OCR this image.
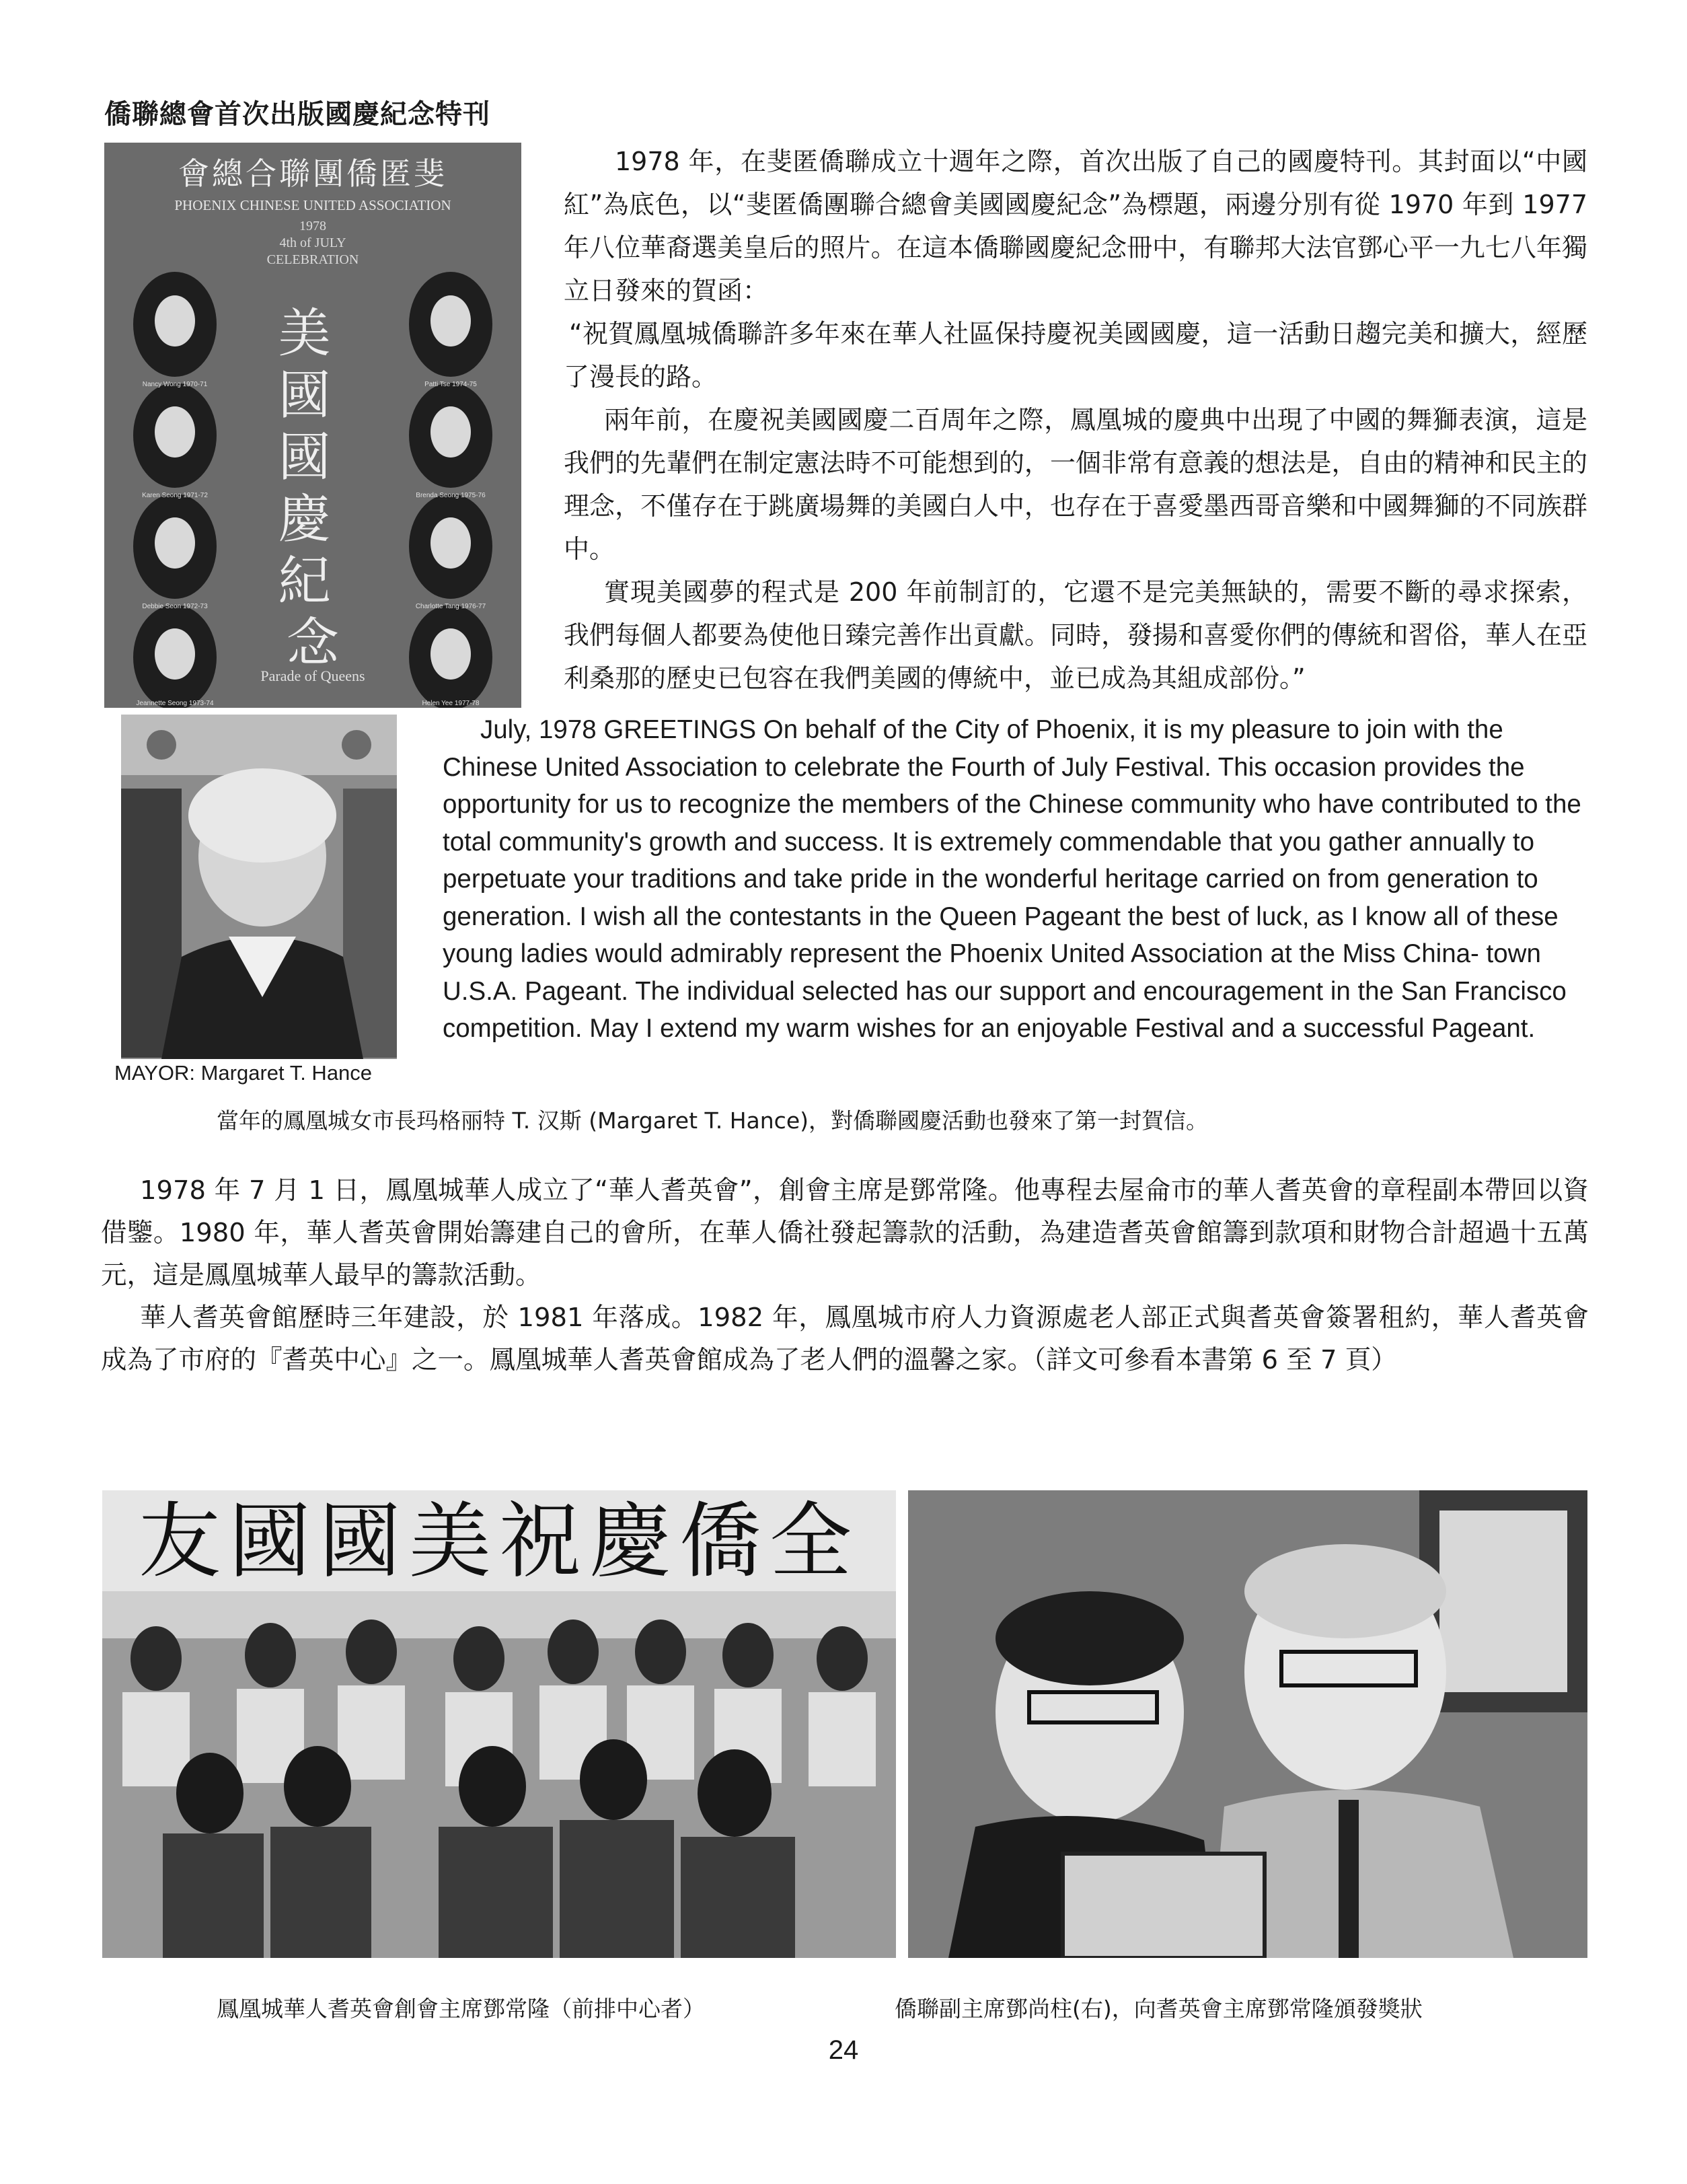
僑聯總會首次出版國慶紀念特刊
會總合聯團僑匿斐
PHOENIX CHINESE UNITED ASSOCIATION
1978
4th of JULY
CELEBRATION
美 國 國 慶 紀 念
Parade of Queens
Nancy Wong 1970-71
Karen Seong 1971-72
Debbie Seon 1972-73
Jeannette Seong 1973-74
Patti Tse 1974-75
Brenda Seong 1975-76
Charlotte Tang 1976-77
Helen Yee 1977-78
1978 年，在斐匿僑聯成立十週年之際，首次出版了自己的國慶特刊。其封面以“中國紅”為底色，以“斐匿僑團聯合總會美國國慶紀念”為標題，兩邊分別有從 1970 年到 1977 年八位華裔選美皇后的照片。在這本僑聯國慶紀念冊中，有聯邦大法官鄧心平一九七八年獨立日發來的賀函：
“祝賀鳳凰城僑聯許多年來在華人社區保持慶祝美國國慶，這一活動日趨完美和擴大，經歷了漫長的路。
兩年前，在慶祝美國國慶二百周年之際，鳳凰城的慶典中出現了中國的舞獅表演，這是我們的先輩們在制定憲法時不可能想到的，一個非常有意義的想法是，自由的精神和民主的理念，不僅存在于跳廣場舞的美國白人中，也存在于喜愛墨西哥音樂和中國舞獅的不同族群中。
實現美國夢的程式是 200 年前制訂的，它還不是完美無缺的，需要不斷的尋求探索，我們每個人都要為使他日臻完善作出貢獻。同時，發揚和喜愛你們的傳統和習俗，華人在亞利桑那的歷史已包容在我們美國的傳統中，並已成為其組成部份。”
MAYOR: Margaret T. Hance
July, 1978 GREETINGS On behalf of the City of Phoenix, it is my pleasure to join with the Chinese United Association to celebrate the Fourth of July Festival. This occasion provides the opportunity for us to recognize the members of the Chinese community who have contributed to the total community's growth and success. It is extremely commendable that you gather annually to perpetuate your traditions and take pride in the wonderful heritage carried on from generation to generation. I wish all the contestants in the Queen Pageant the best of luck, as I know all of these young ladies would admirably represent the Phoenix United Association at the Miss China- town U.S.A. Pageant. The individual selected has our support and encouragement in the San Francisco competition. May I extend my warm wishes for an enjoyable Festival and a successful Pageant.
當年的鳳凰城女市長玛格丽特 T. 汉斯 (Margaret T. Hance)，對僑聯國慶活動也發來了第一封賀信。
1978 年 7 月 1 日，鳳凰城華人成立了“華人耆英會”，創會主席是鄧常隆。他專程去屋侖市的華人耆英會的章程副本帶回以資借鑒。1980 年，華人耆英會開始籌建自己的會所，在華人僑社發起籌款的活動，為建造耆英會館籌到款項和財物合計超過十五萬元，這是鳳凰城華人最早的籌款活動。
華人耆英會館歷時三年建設，於 1981 年落成。1982 年，鳳凰城市府人力資源處老人部正式與耆英會簽署租約，華人耆英會成為了市府的『耆英中心』之一。鳳凰城華人耆英會館成為了老人們的溫馨之家。（詳文可參看本書第 6 至 7 頁）
友國國美祝慶僑全
鳳凰城華人耆英會創會主席鄧常隆（前排中心者）	僑聯副主席鄧尚柱(右)，向耆英會主席鄧常隆頒發獎狀
24
